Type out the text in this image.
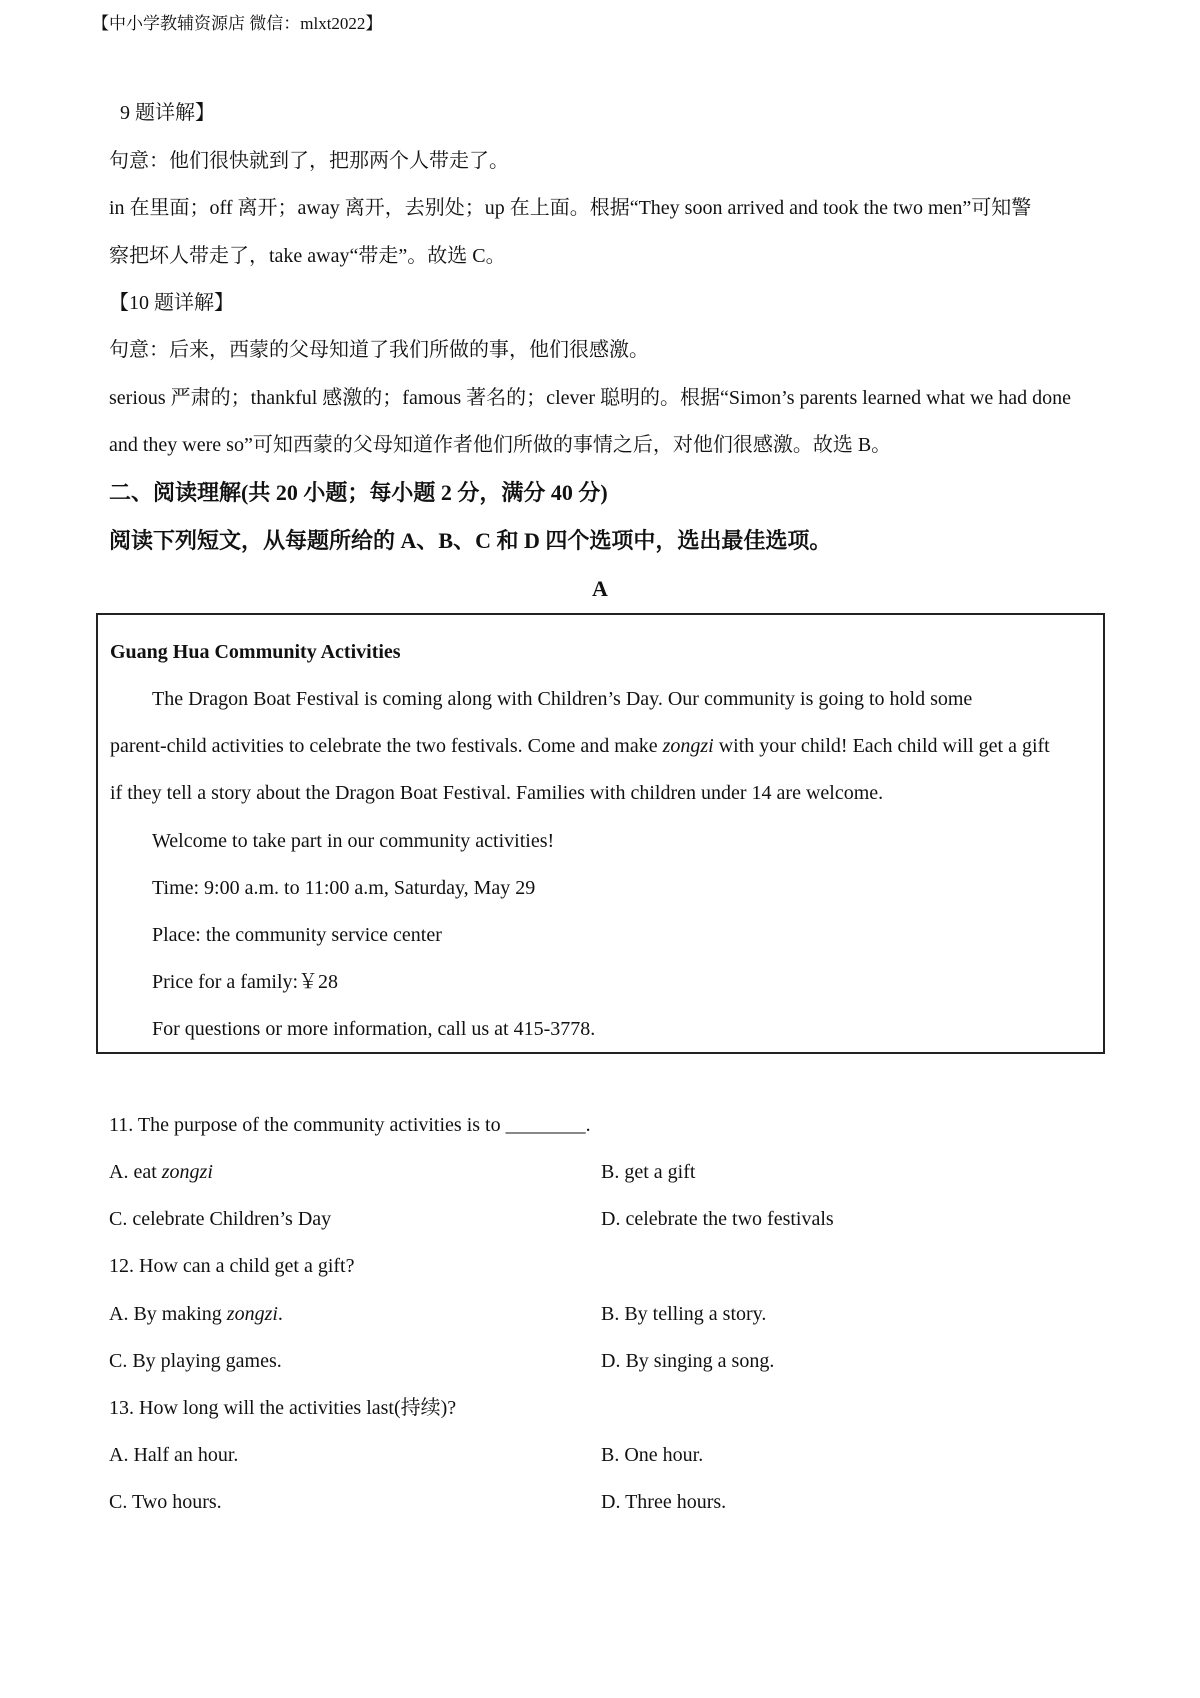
【中小学教辅资源店 微信：mlxt2022】
9 题详解】
句意：他们很快就到了，把那两个人带走了。
in 在里面；off 离开；away 离开，去别处；up 在上面。根据“They soon arrived and took the two men”可知警
察把坏人带走了，take away“带走”。故选 C。
【10 题详解】
句意：后来，西蒙的父母知道了我们所做的事，他们很感激。
serious 严肃的；thankful 感激的；famous 著名的；clever 聪明的。根据“Simon’s parents learned what we had done
and they were so”可知西蒙的父母知道作者他们所做的事情之后，对他们很感激。故选 B。
二、阅读理解(共 20 小题；每小题 2 分，满分 40 分)
阅读下列短文，从每题所给的 A、B、C 和 D 四个选项中，选出最佳选项。
A
Guang Hua Community Activities
The Dragon Boat Festival is coming along with Children’s Day. Our community is going to hold some
parent-child activities to celebrate the two festivals. Come and make zongzi with your child! Each child will get a gift
if they tell a story about the Dragon Boat Festival. Families with children under 14 are welcome.
Welcome to take part in our community activities!
Time: 9:00 a.m. to 11:00 a.m, Saturday, May 29
Place: the community service center
Price for a family:￥28
For questions or more information, call us at 415-3778.
11. The purpose of the community activities is to ________.
A. eat zongzi	B. get a gift
C. celebrate Children’s Day	D. celebrate the two festivals
12. How can a child get a gift?
A. By making zongzi.	B. By telling a story.
C. By playing games.	D. By singing a song.
13. How long will the activities last(持续)?
A. Half an hour.	B. One hour.
C. Two hours.	D. Three hours.
